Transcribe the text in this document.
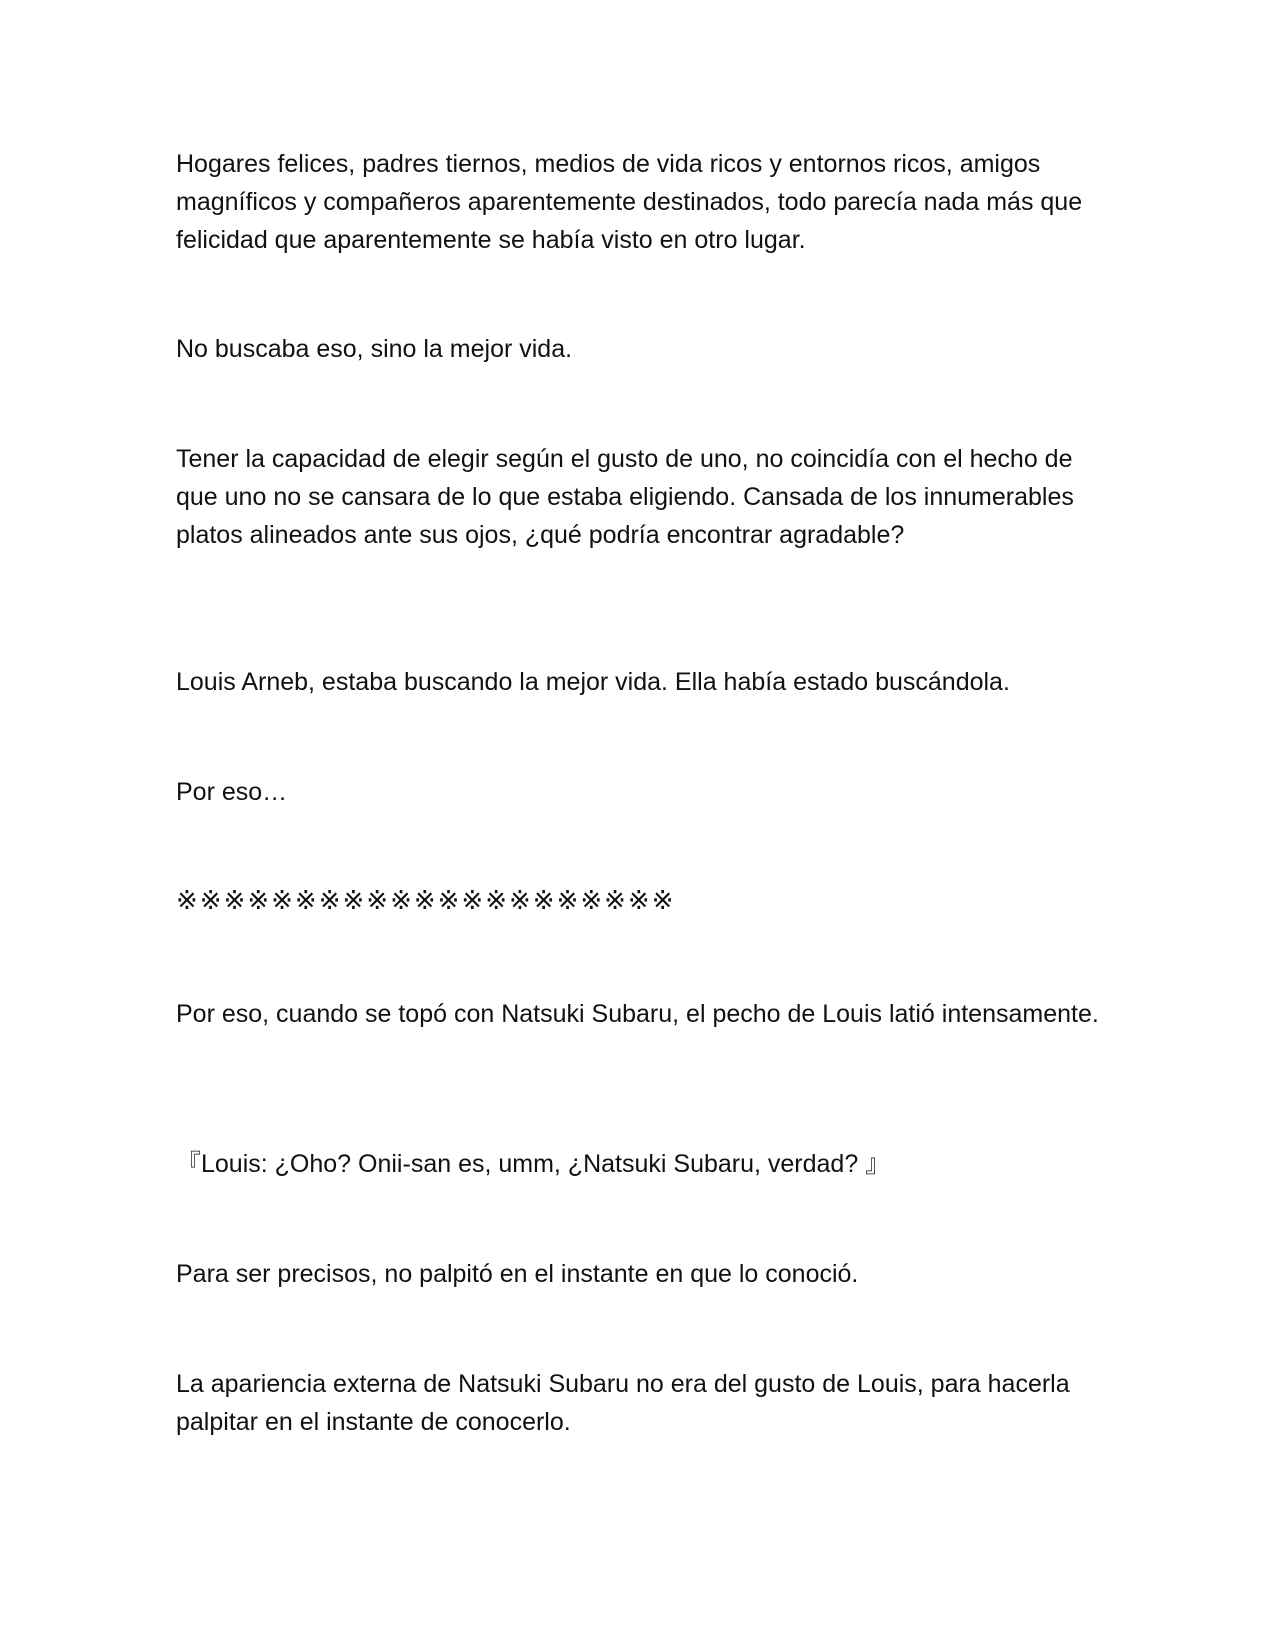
Hogares felices, padres tiernos, medios de vida ricos y entornos ricos, amigos magníficos y compañeros aparentemente destinados, todo parecía nada más que felicidad que aparentemente se había visto en otro lugar.

No buscaba eso, sino la mejor vida.

Tener la capacidad de elegir según el gusto de uno, no coincidía con el hecho de que uno no se cansara de lo que estaba eligiendo. Cansada de los innumerables platos alineados ante sus ojos, ¿qué podría encontrar agradable?

Louis Arneb, estaba buscando la mejor vida. Ella había estado buscándola.

Por eso…

※※※※※※※※※※※※※※※※※※※※※

Por eso, cuando se topó con Natsuki Subaru, el pecho de Louis latió intensamente.

『Louis: ¿Oho? Onii-san es, umm, ¿Natsuki Subaru, verdad? 』

Para ser precisos, no palpitó en el instante en que lo conoció.

La apariencia externa de Natsuki Subaru no era del gusto de Louis, para hacerla palpitar en el instante de conocerlo.
